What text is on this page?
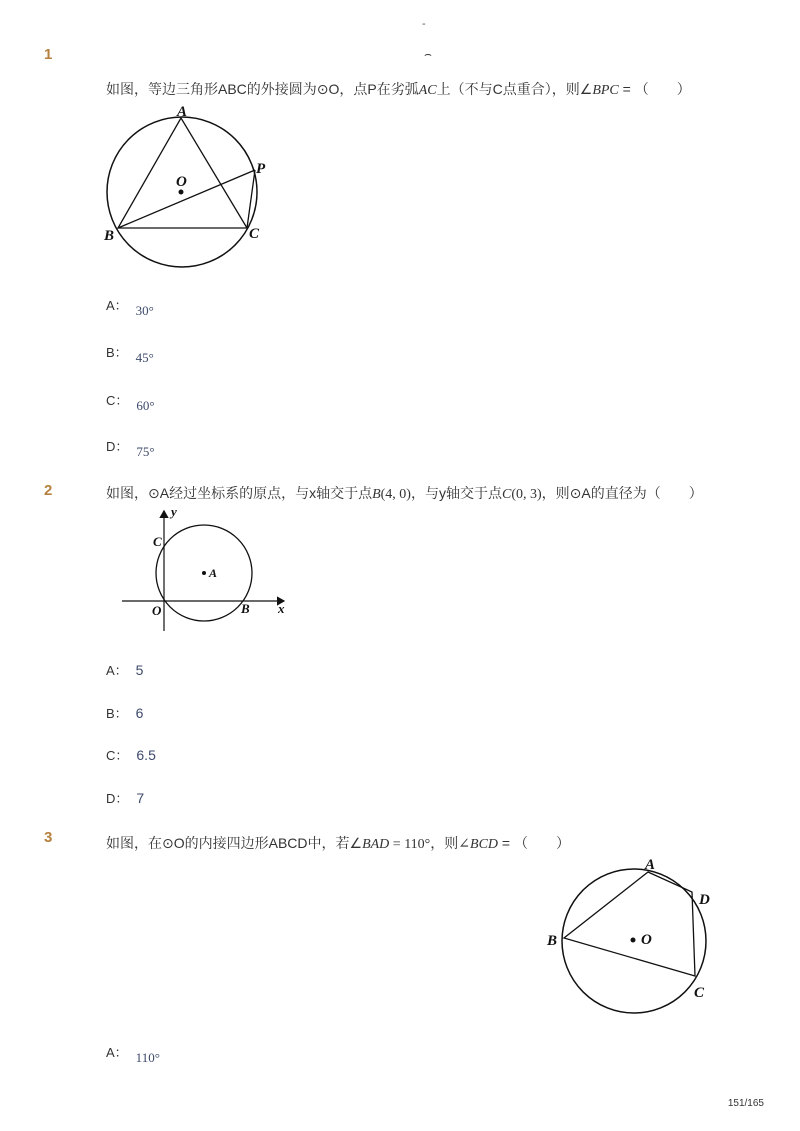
-
1	⌢
如图，等边三角形ABC的外接圆为⊙O，点P在劣弧AC上（不与C点重合），则∠BPC = （　　）
A
B	C
O
P
A： 30°
B： 45°
C： 60°
D： 75°
2	如图，⊙A经过坐标系的原点，与x轴交于点B(4, 0)，与y轴交于点C(0, 3)，则⊙A的直径为（　　）
y
x
C
A
O	B
A： 5
B： 6
C： 6.5
D： 7
3	如图，在⊙O的内接四边形ABCD中，若∠BAD = 110°，则∠BCD = （　　）
A
D
B
C
O
A： 110°
151/165
